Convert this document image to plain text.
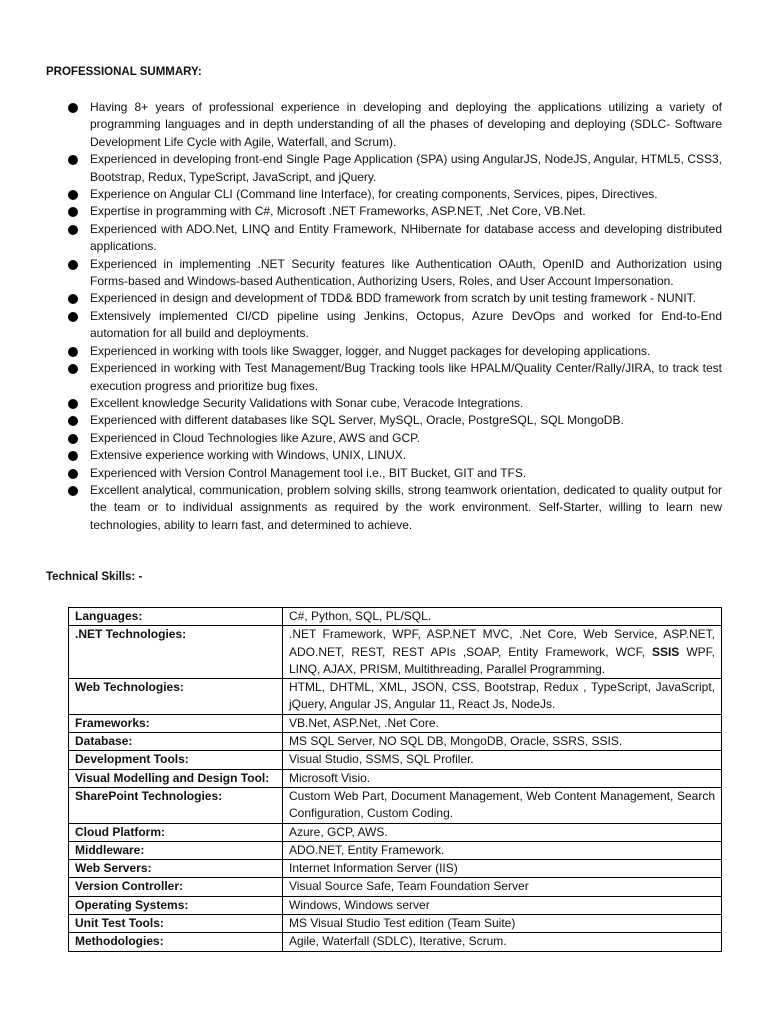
PROFESSIONAL SUMMARY:
Having 8+ years of professional experience in developing and deploying the applications utilizing a variety of programming languages and in depth understanding of all the phases of developing and deploying (SDLC- Software Development Life Cycle with Agile, Waterfall, and Scrum).
Experienced in developing front-end Single Page Application (SPA) using AngularJS, NodeJS, Angular, HTML5, CSS3, Bootstrap, Redux, TypeScript, JavaScript, and jQuery.
Experience on Angular CLI (Command line Interface), for creating components, Services, pipes, Directives.
Expertise in programming with C#, Microsoft .NET Frameworks, ASP.NET, .Net Core, VB.Net.
Experienced with ADO.Net, LINQ and Entity Framework, NHibernate for database access and developing distributed applications.
Experienced in implementing .NET Security features like Authentication OAuth, OpenID and Authorization using Forms-based and Windows-based Authentication, Authorizing Users, Roles, and User Account Impersonation.
Experienced in design and development of TDD& BDD framework from scratch by unit testing framework - NUNIT.
Extensively implemented CI/CD pipeline using Jenkins, Octopus, Azure DevOps and worked for End-to-End automation for all build and deployments.
Experienced in working with tools like Swagger, logger, and Nugget packages for developing applications.
Experienced in working with Test Management/Bug Tracking tools like HPALM/Quality Center/Rally/JIRA, to track test execution progress and prioritize bug fixes.
Excellent knowledge Security Validations with Sonar cube, Veracode Integrations.
Experienced with different databases like SQL Server, MySQL, Oracle, PostgreSQL, SQL MongoDB.
Experienced in Cloud Technologies like Azure, AWS and GCP.
Extensive experience working with Windows, UNIX, LINUX.
Experienced with Version Control Management tool i.e., BIT Bucket, GIT and TFS.
Excellent analytical, communication, problem solving skills, strong teamwork orientation, dedicated to quality output for the team or to individual assignments as required by the work environment. Self-Starter, willing to learn new technologies, ability to learn fast, and determined to achieve.
Technical Skills: -
Languages:	C#, Python, SQL, PL/SQL.
.NET Technologies:	.NET Framework, WPF, ASP.NET MVC, .Net Core, Web Service, ASP.NET, ADO.NET, REST, REST APIs ,SOAP, Entity Framework, WCF, SSIS WPF, LINQ, AJAX, PRISM, Multithreading, Parallel Programming.
Web Technologies:	HTML, DHTML, XML, JSON, CSS, Bootstrap, Redux , TypeScript, JavaScript, jQuery, Angular JS, Angular 11, React Js, NodeJs.
Frameworks:	VB.Net, ASP.Net, .Net Core.
Database:	MS SQL Server, NO SQL DB, MongoDB, Oracle, SSRS, SSIS.
Development Tools:	Visual Studio, SSMS, SQL Profiler.
Visual Modelling and Design Tool:	Microsoft Visio.
SharePoint Technologies:	Custom Web Part, Document Management, Web Content Management, Search Configuration, Custom Coding.
Cloud Platform:	Azure, GCP, AWS.
Middleware:	ADO.NET, Entity Framework.
Web Servers:	Internet Information Server (IIS)
Version Controller:	Visual Source Safe, Team Foundation Server
Operating Systems:	Windows, Windows server
Unit Test Tools:	MS Visual Studio Test edition (Team Suite)
Methodologies:	Agile, Waterfall (SDLC), Iterative, Scrum.
